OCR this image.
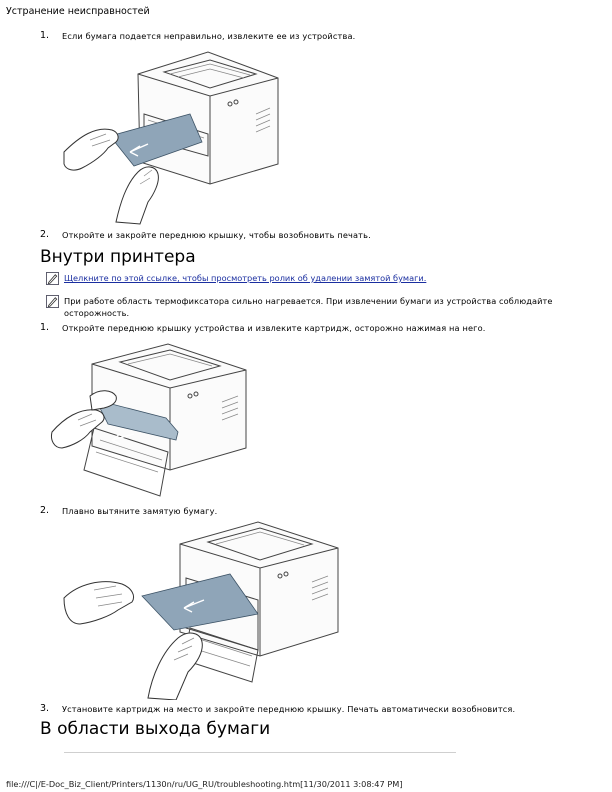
Устранение неисправностей
1. Если бумага подается неправильно, извлеките ее из устройства.
2. Откройте и закройте переднюю крышку, чтобы возобновить печать.
Внутри принтера
Щелкните по этой ссылке, чтобы просмотреть ролик об удалении замятой бумаги.
При работе область термофиксатора сильно нагревается. При извлечении бумаги из устройства соблюдайте
осторожность.
1. Откройте переднюю крышку устройства и извлеките картридж, осторожно нажимая на него.
2. Плавно вытяните замятую бумагу.
3. Установите картридж на место и закройте переднюю крышку. Печать автоматически возобновится.
В области выхода бумаги
file:///C|/E-Doc_Biz_Client/Printers/1130n/ru/UG_RU/troubleshooting.htm[11/30/2011 3:08:47 PM]
